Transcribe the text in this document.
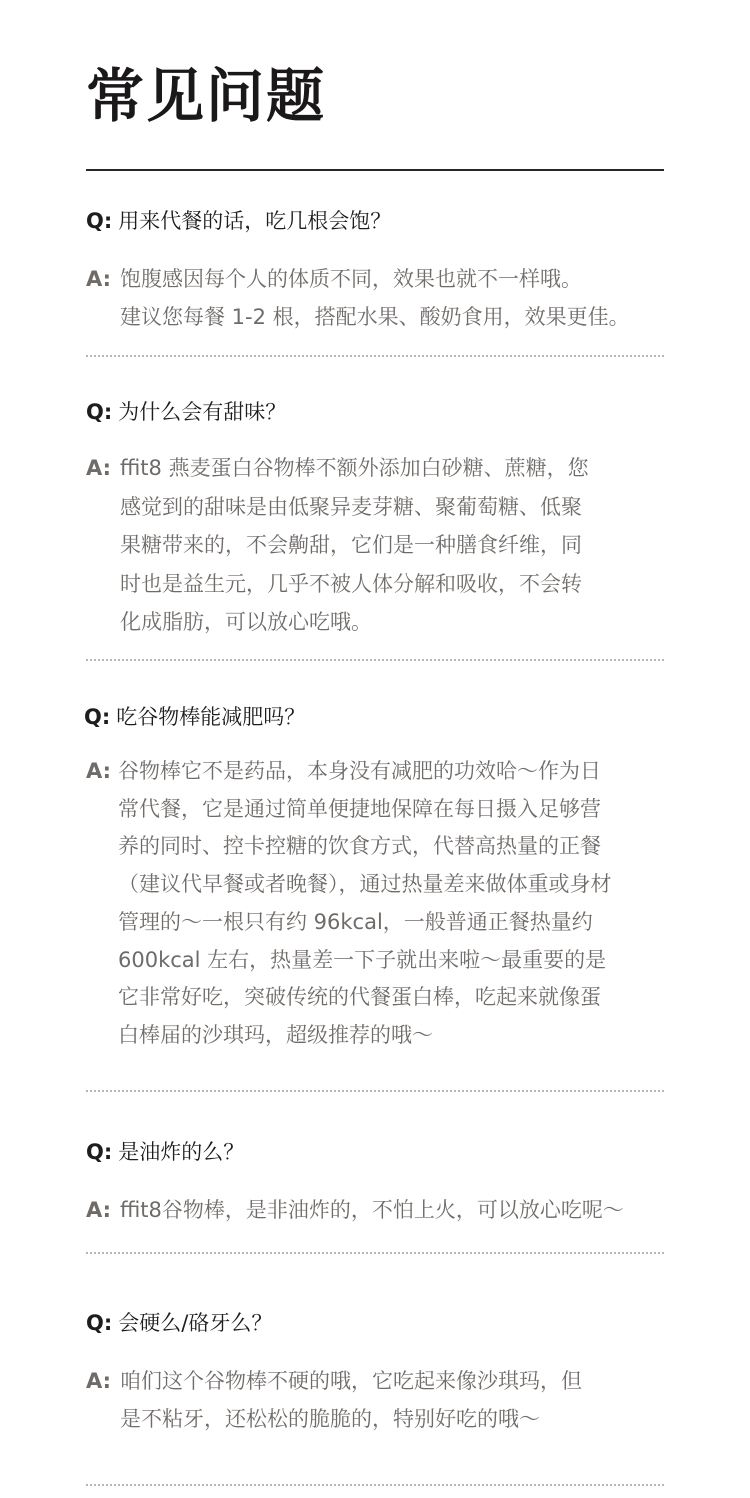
常见问题
Q: 用来代餐的话，吃几根会饱？
A: 饱腹感因每个人的体质不同，效果也就不一样哦。
建议您每餐 1-2 根，搭配水果、酸奶食用，效果更佳。
Q: 为什么会有甜味？
A: ffit8 燕麦蛋白谷物棒不额外添加白砂糖、蔗糖，您
感觉到的甜味是由低聚异麦芽糖、聚葡萄糖、低聚
果糖带来的，不会齁甜，它们是一种膳食纤维，同
时也是益生元，几乎不被人体分解和吸收，不会转
化成脂肪，可以放心吃哦。
Q: 吃谷物棒能减肥吗？
A: 谷物棒它不是药品，本身没有减肥的功效哈～作为日
常代餐，它是通过简单便捷地保障在每日摄入足够营
养的同时、控卡控糖的饮食方式，代替高热量的正餐
（建议代早餐或者晚餐），通过热量差来做体重或身材
管理的～一根只有约 96kcal，一般普通正餐热量约
600kcal 左右，热量差一下子就出来啦～最重要的是
它非常好吃，突破传统的代餐蛋白棒，吃起来就像蛋
白棒届的沙琪玛，超级推荐的哦～
Q: 是油炸的么？
A: ffit8谷物棒，是非油炸的，不怕上火，可以放心吃呢～
Q: 会硬么/硌牙么？
A: 咱们这个谷物棒不硬的哦，它吃起来像沙琪玛，但
是不粘牙，还松松的脆脆的，特别好吃的哦～
